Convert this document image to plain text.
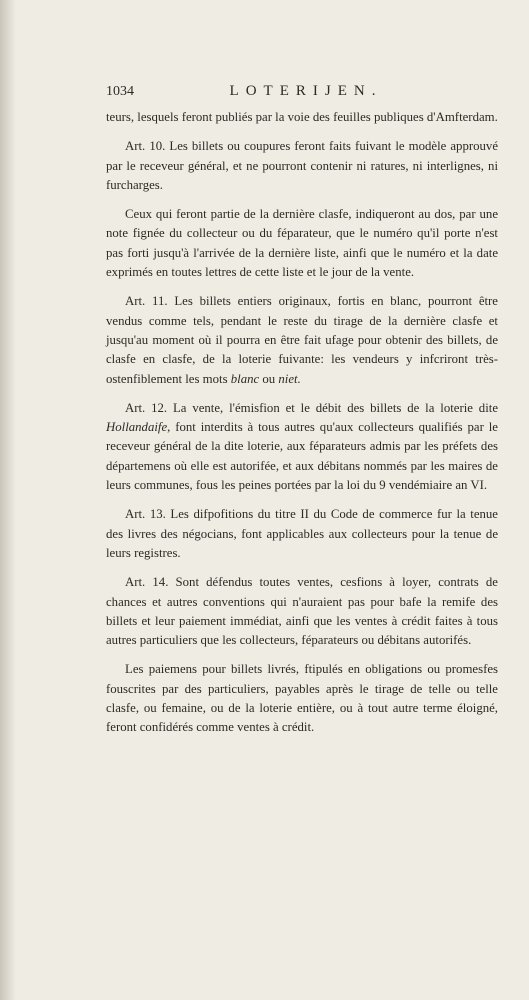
1034	LOTERIJEN.

teurs, lesquels feront publiés par la voie des feuilles publiques d'Amfterdam.

Art. 10. Les billets ou coupures feront faits fuivant le modèle approuvé par le receveur général, et ne pourront contenir ni ratures, ni interlignes, ni furcharges.

Ceux qui feront partie de la dernière clasfe, indiqueront au dos, par une note fignée du collecteur ou du féparateur, que le numéro qu'il porte n'est pas forti jusqu'à l'arrivée de la dernière liste, ainfi que le numéro et la date exprimés en toutes lettres de cette liste et le jour de la vente.

Art. 11. Les billets entiers originaux, fortis en blanc, pourront être vendus comme tels, pendant le reste du tirage de la dernière clasfe et jusqu'au moment où il pourra en être fait ufage pour obtenir des billets, de clasfe en clasfe, de la loterie fuivante: les vendeurs y infcriront très-ostenfiblement les mots blanc ou niet.

Art. 12. La vente, l'émisfion et le débit des billets de la loterie dite Hollandaife, font interdits à tous autres qu'aux collecteurs qualifiés par le receveur général de la dite loterie, aux féparateurs admis par les préfets des départemens où elle est autorifée, et aux débitans nommés par les maires de leurs communes, fous les peines portées par la loi du 9 vendémiaire an VI.

Art. 13. Les difpofitions du titre II du Code de commerce fur la tenue des livres des négocians, font applicables aux collecteurs pour la tenue de leurs registres.

Art. 14. Sont défendus toutes ventes, cesfions à loyer, contrats de chances et autres conventions qui n'auraient pas pour bafe la remife des billets et leur paiement immédiat, ainfi que les ventes à crédit faites à tous autres particuliers que les collecteurs, féparateurs ou débitans autorifés.

Les paiemens pour billets livrés, ftipulés en obligations ou promesfes fouscrites par des particuliers, payables après le tirage de telle ou telle clasfe, ou femaine, ou de la loterie entière, ou à tout autre terme éloigné, feront confidérés comme ventes à crédit.
